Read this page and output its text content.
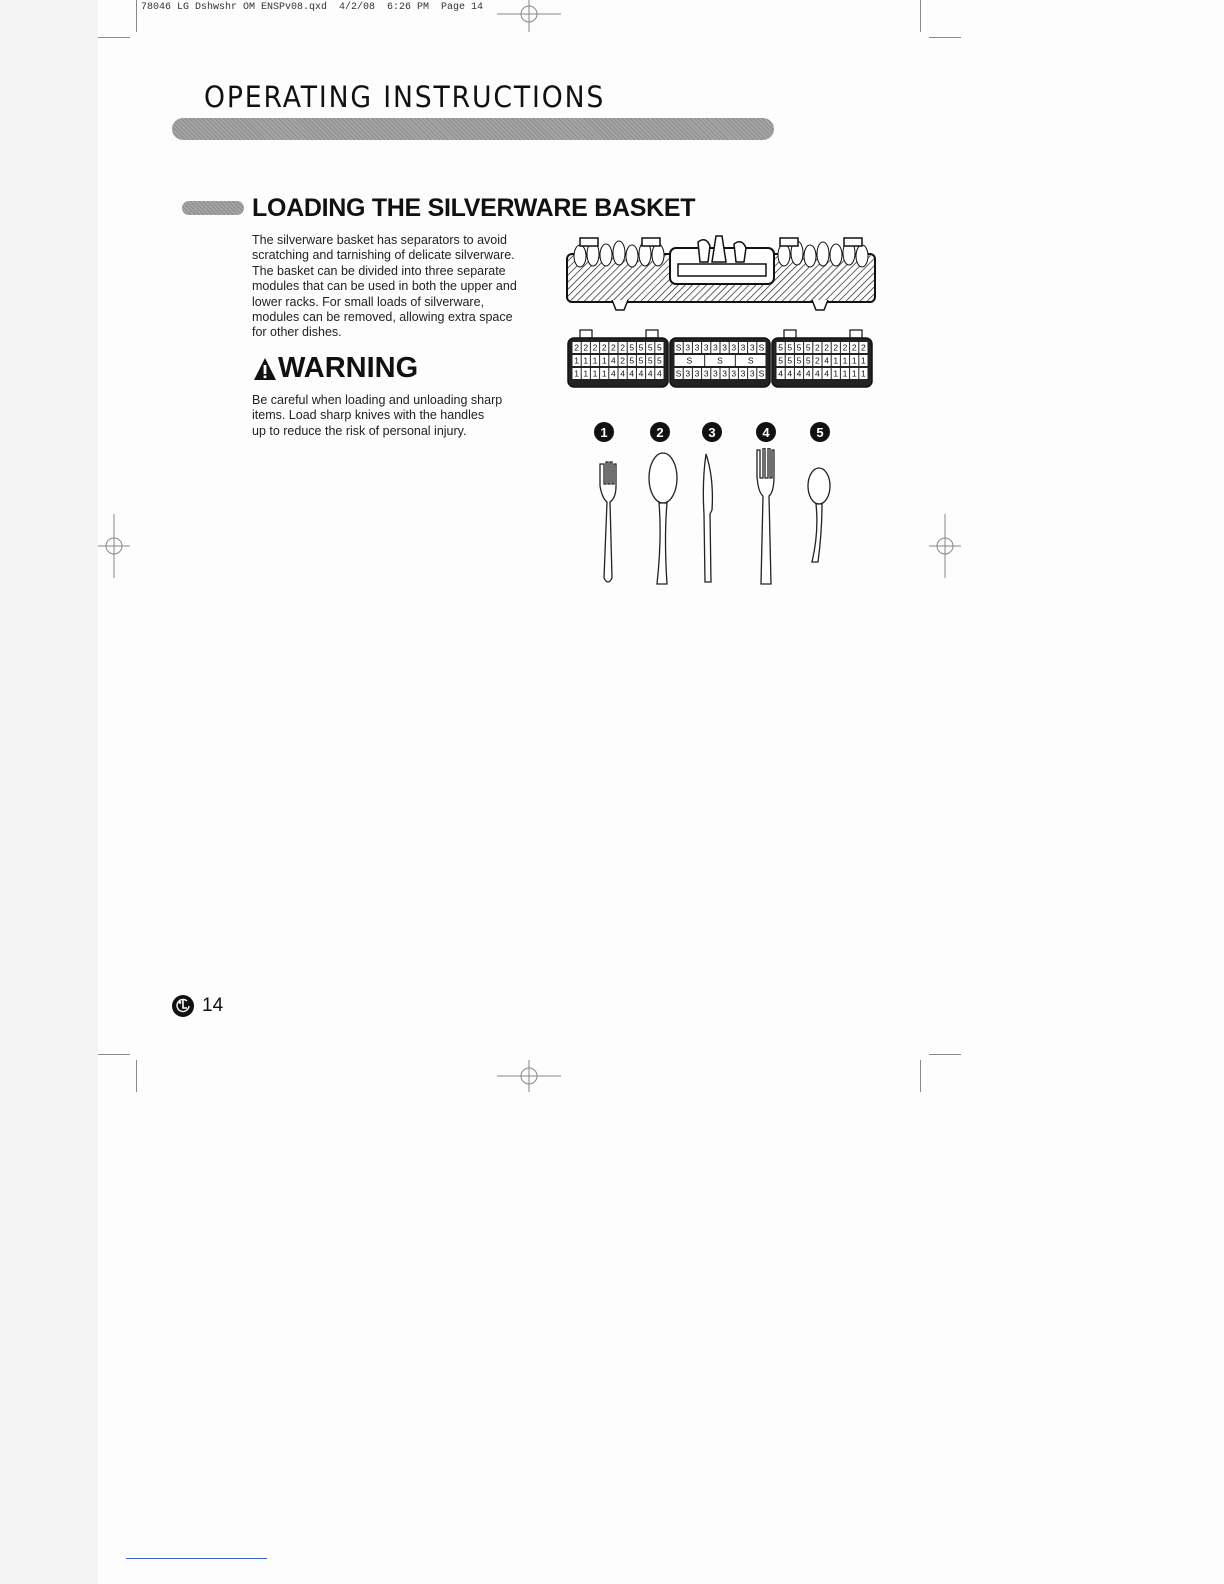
78046 LG Dshwshr OM ENSPv08.qxd  4/2/08  6:26 PM  Page 14
OPERATING INSTRUCTIONS
LOADING THE SILVERWARE BASKET

The silverware basket has separators to avoid
scratching and tarnishing of delicate silverware.
The basket can be divided into three separate
modules that can be used in both the upper and
lower racks. For small loads of silverware,
modules can be removed, allowing extra space
for other dishes.

WARNING

Be careful when loading and unloading sharp
items. Load sharp knives with the handles
up to reduce the risk of personal injury.

2 2 2 2 2 2 5 5 5 5
1 1 1 1 4 2 5 5 5 5
1 1 1 1 4 4 4 4 4 4
S 3 3 3 3 3 3 3 3 S
S	S	S
S 3 3 3 3 3 3 3 3 S
5 5 5 5 2 2 2 2 2 2
5 5 5 5 2 4 1 1 1 1
4 4 4 4 4 4 1 1 1 1
1	2	3	4	5
14
